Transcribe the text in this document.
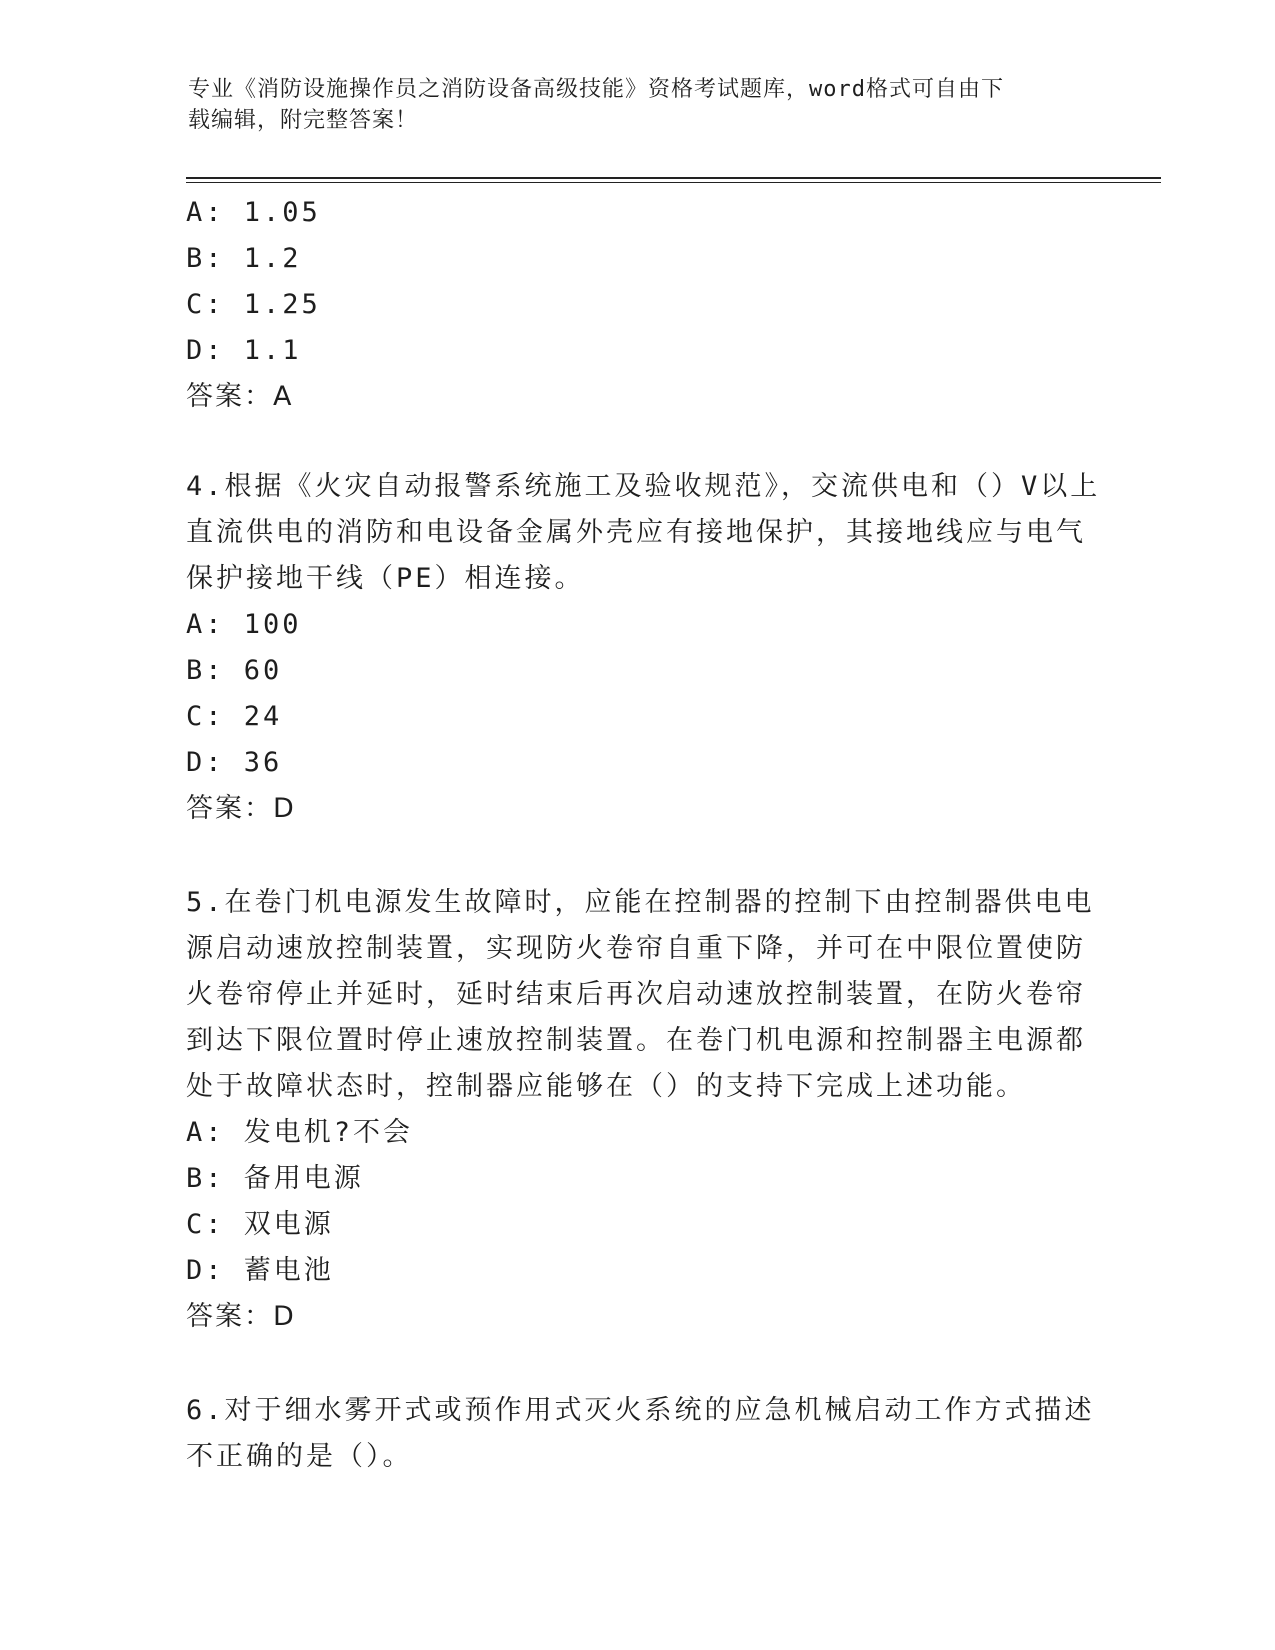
专业《消防设施操作员之消防设备高级技能》资格考试题库，word格式可自由下
载编辑，附完整答案！
A: 1.05
B: 1.2
C: 1.25
D: 1.1
答案：A
4.根据《火灾自动报警系统施工及验收规范》，交流供电和（）V以上
直流供电的消防和电设备金属外壳应有接地保护，其接地线应与电气
保护接地干线（PE）相连接。
A: 100
B: 60
C: 24
D: 36
答案：D
5.在卷门机电源发生故障时，应能在控制器的控制下由控制器供电电
源启动速放控制装置，实现防火卷帘自重下降，并可在中限位置使防
火卷帘停止并延时，延时结束后再次启动速放控制装置，在防火卷帘
到达下限位置时停止速放控制装置。在卷门机电源和控制器主电源都
处于故障状态时，控制器应能够在（）的支持下完成上述功能。
A: 发电机?不会
B: 备用电源
C: 双电源
D: 蓄电池
答案：D
6.对于细水雾开式或预作用式灭火系统的应急机械启动工作方式描述
不正确的是（）。
